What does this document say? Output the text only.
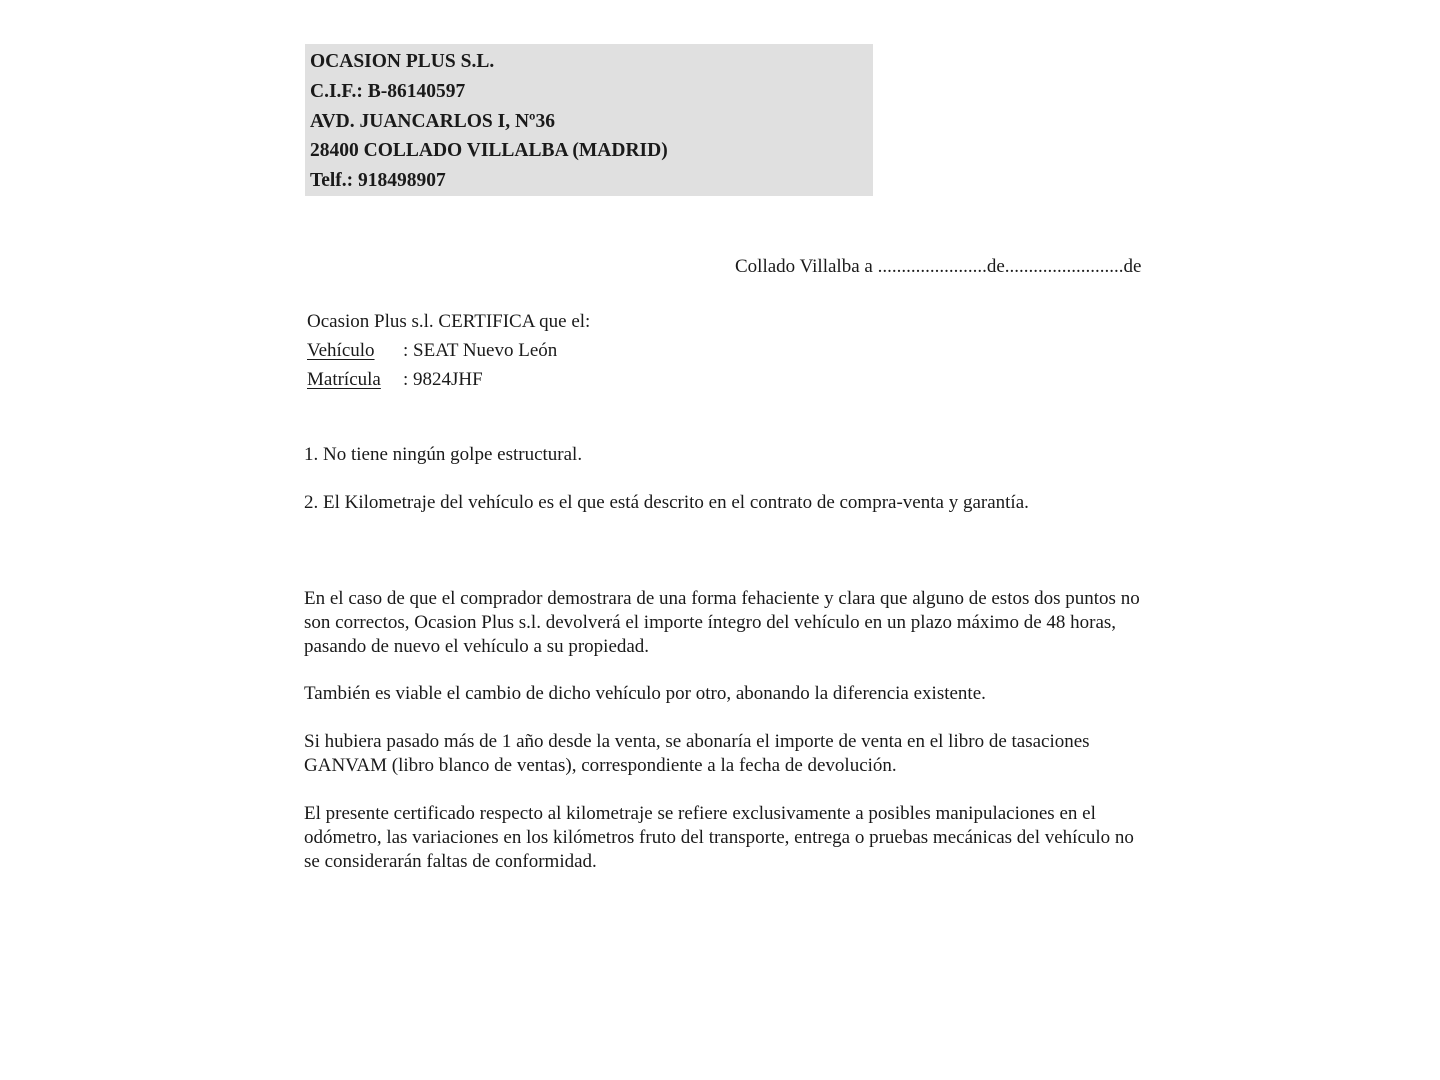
OCASION PLUS S.L.
C.I.F.: B-86140597
AVD. JUANCARLOS I, Nº36
28400 COLLADO VILLALBA (MADRID)
Telf.: 918498907
Collado Villalba a .......................de.........................de
Ocasion Plus s.l. CERTIFICA que el:
Vehículo : SEAT Nuevo León
Matrícula : 9824JHF
1. No tiene ningún golpe estructural.
2. El Kilometraje del vehículo es el que está descrito en el contrato de compra-venta y garantía.
En el caso de que el comprador demostrara de una forma fehaciente y clara que alguno de estos dos puntos no
son correctos, Ocasion Plus s.l. devolverá el importe íntegro del vehículo en un plazo máximo de 48 horas,
pasando de nuevo el vehículo a su propiedad.
También es viable el cambio de dicho vehículo por otro, abonando la diferencia existente.
Si hubiera pasado más de 1 año desde la venta, se abonaría el importe de venta en el libro de tasaciones
GANVAM (libro blanco de ventas), correspondiente a la fecha de devolución.
El presente certificado respecto al kilometraje se refiere exclusivamente a posibles manipulaciones en el
odómetro, las variaciones en los kilómetros fruto del transporte, entrega o pruebas mecánicas del vehículo no
se considerarán faltas de conformidad.
